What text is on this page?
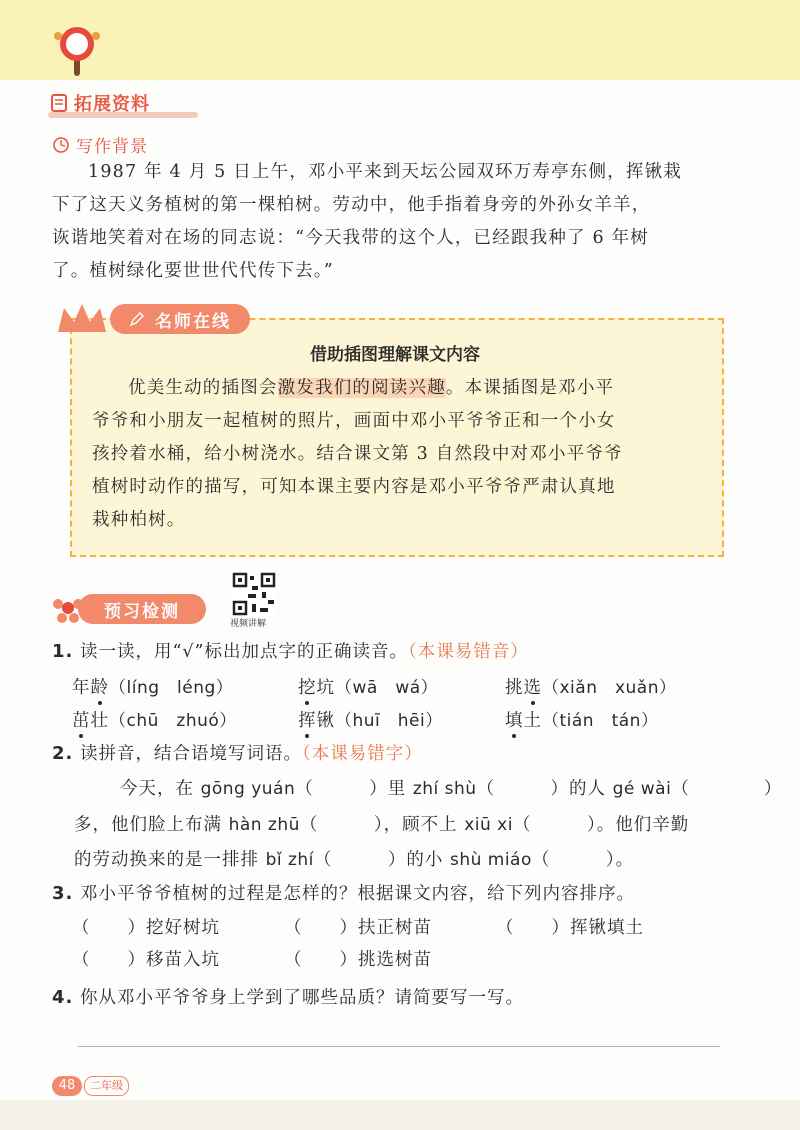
拓展资料
写作背景
1987 年 4 月 5 日上午，邓小平来到天坛公园双环万寿亭东侧，挥锹栽
下了这天义务植树的第一棵柏树。劳动中，他手指着身旁的外孙女羊羊，
诙谐地笑着对在场的同志说：“今天我带的这个人，已经跟我种了 6 年树
了。植树绿化要世世代代传下去。”
名师在线
借助插图理解课文内容
优美生动的插图会激发我们的阅读兴趣。本课插图是邓小平
爷爷和小朋友一起植树的照片，画面中邓小平爷爷正和一个小女
孩拎着水桶，给小树浇水。结合课文第 3 自然段中对邓小平爷爷
植树时动作的描写，可知本课主要内容是邓小平爷爷严肃认真地
栽种柏树。
预习检测
视频讲解
1. 读一读，用“√”标出加点字的正确读音。（本课易错音）
年龄（líng　léng）	挖坑（wā　wá）	挑选（xiǎn　xuǎn）
茁壮（chū　zhuó）	挥锹（huī　hēi）	填土（tián　tán）
2. 读拼音，结合语境写词语。（本课易错字）
今天，在 gōng yuán（　　　）里 zhí shù（　　　）的人 gé wài（　　　　）
多，他们脸上布满 hàn zhū（　　　），顾不上 xiū xi（　　　）。他们辛勤
的劳动换来的是一排排 bǐ zhí（　　　）的小 shù miáo（　　　）。
3. 邓小平爷爷植树的过程是怎样的？根据课文内容，给下列内容排序。
（　　）挖好树坑	（　　）扶正树苗	（　　）挥锹填土
（　　）移苗入坑	（　　）挑选树苗
4. 你从邓小平爷爷身上学到了哪些品质？请简要写一写。
48	二年级
